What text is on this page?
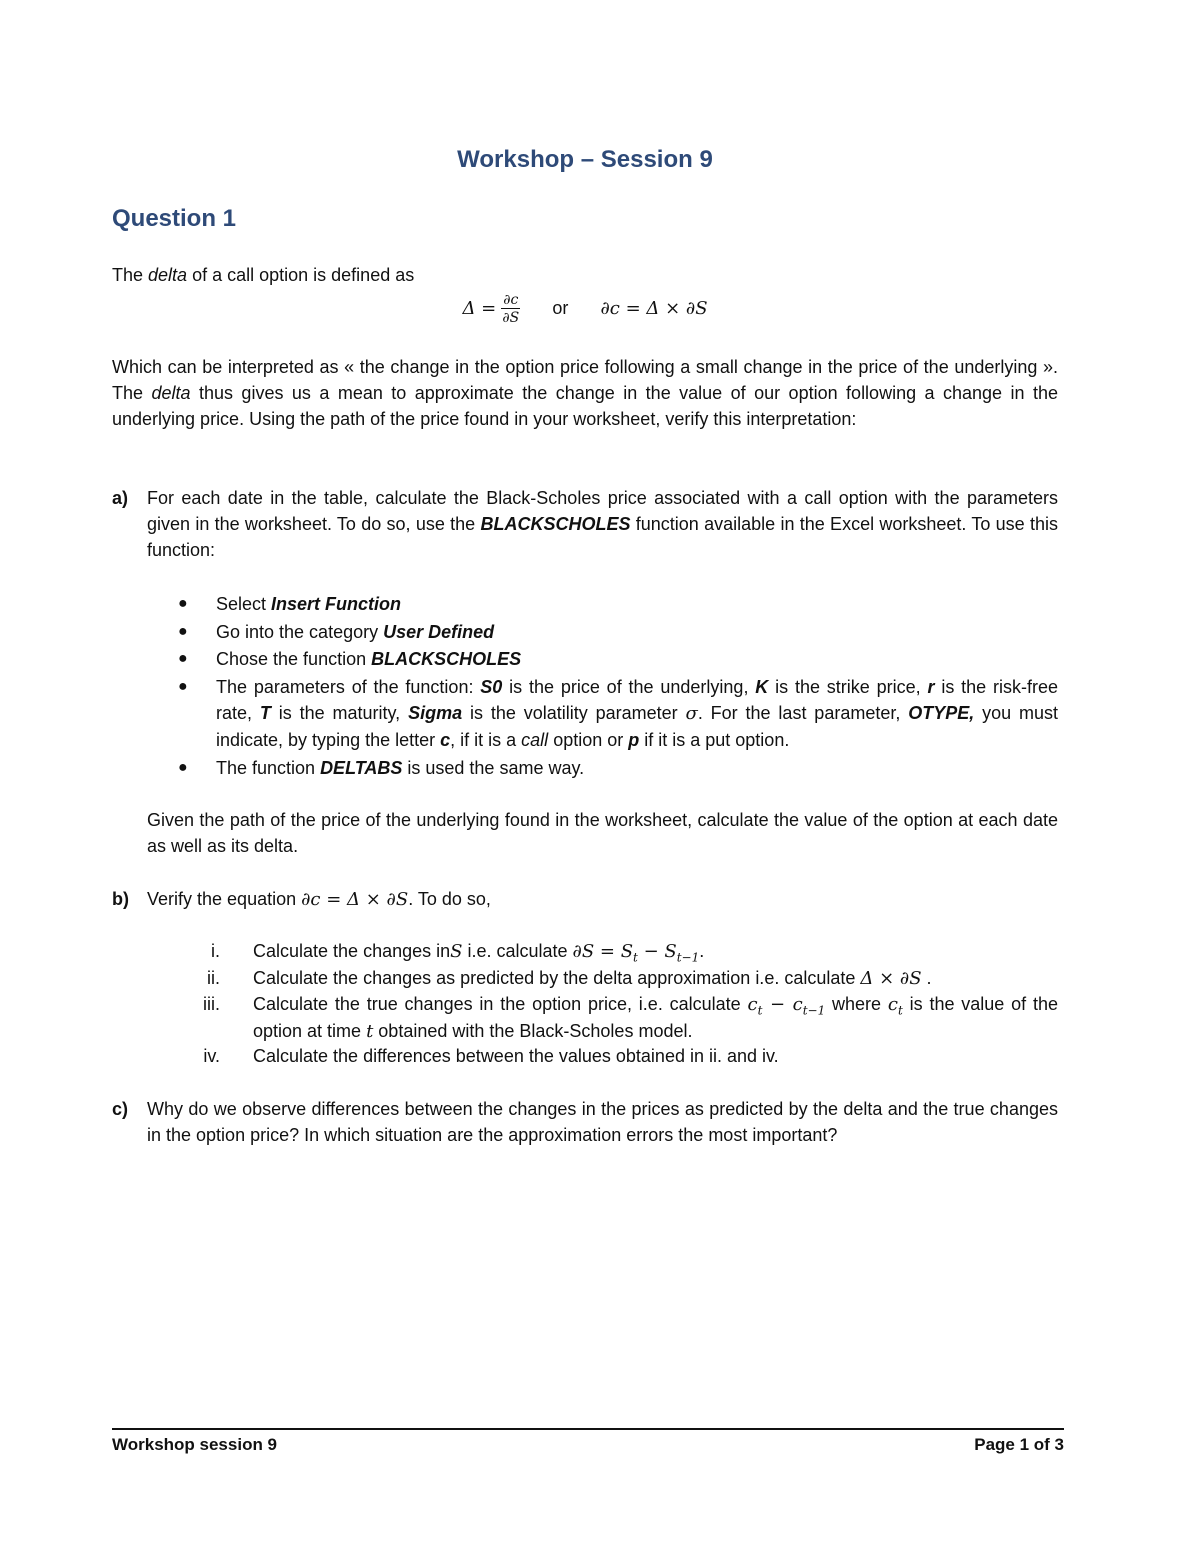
Workshop – Session 9
Question 1
The delta of a call option is defined as
$\Delta = \frac{\partial c}{\partial S}$ or ∂c = Δ × ∂S
Which can be interpreted as « the change in the option price following a small change in the price of the underlying ». The delta thus gives us a mean to approximate the change in the value of our option following a change in the underlying price. Using the path of the price found in your worksheet, verify this interpretation:
a)	For each date in the table, calculate the Black-Scholes price associated with a call option with the parameters given in the worksheet. To do so, use the BLACKSCHOLES function available in the Excel worksheet. To use this function:
● Select Insert Function
● Go into the category User Defined
● Chose the function BLACKSCHOLES
● The parameters of the function: S0 is the price of the underlying, K is the strike price, r is the risk-free rate, T is the maturity, Sigma is the volatility parameter σ. For the last parameter, OTYPE, you must indicate, by typing the letter c, if it is a call option or p if it is a put option.
● The function DELTABS is used the same way.
Given the path of the price of the underlying found in the worksheet, calculate the value of the option at each date as well as its delta.
b)	Verify the equation ∂c = Δ × ∂S. To do so,
i. Calculate the changes inS i.e. calculate $\partial S = S_t - S_{t-1}$.
ii. Calculate the changes as predicted by the delta approximation i.e. calculate Δ × ∂S .
iii. Calculate the true changes in the option price, i.e. calculate $c_t - c_{t-1}$ where $c_t$ is the value of the option at time t obtained with the Black-Scholes model.
iv. Calculate the differences between the values obtained in ii. and iv.
c)	Why do we observe differences between the changes in the prices as predicted by the delta and the true changes in the option price? In which situation are the approximation errors the most important?
Workshop session 9	Page 1 of 3
